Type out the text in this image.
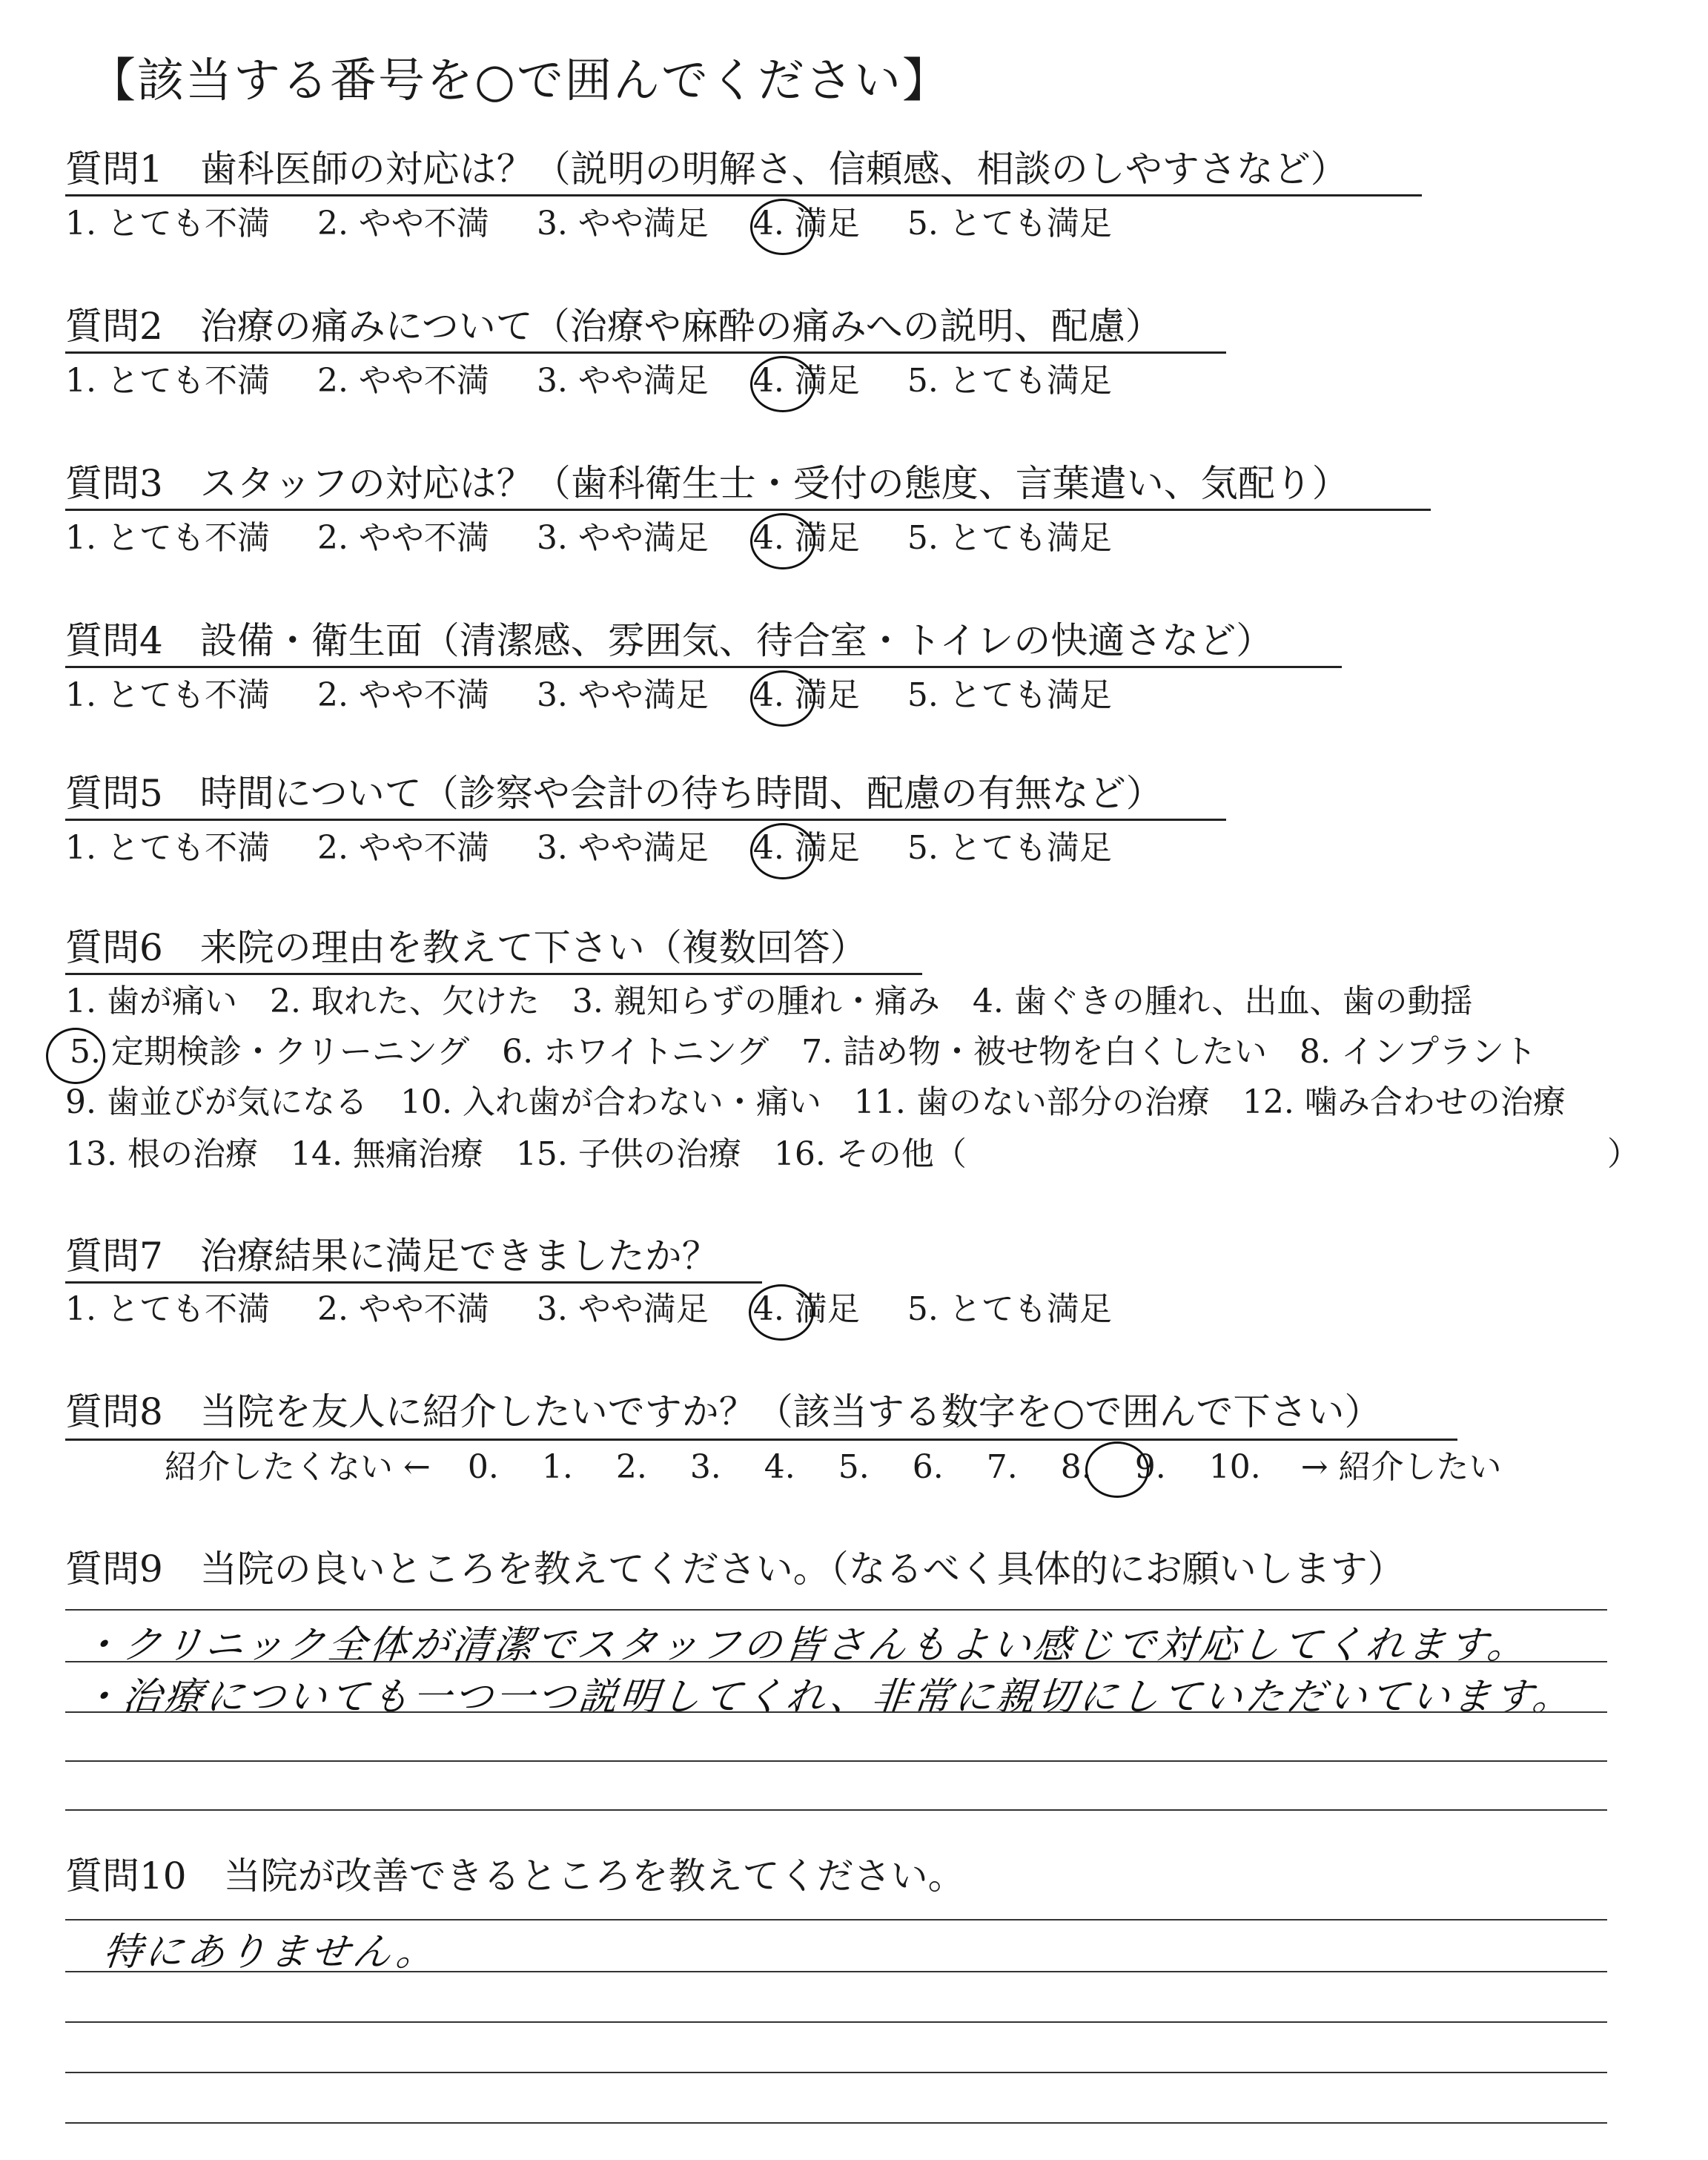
【該当する番号を○で囲んでください】
質問1　歯科医師の対応は？（説明の明解さ、信頼感、相談のしやすさなど）
1. とても不満 2. やや不満 3. やや満足 4. 満足 5. とても満足
質問2　治療の痛みについて（治療や麻酔の痛みへの説明、配慮）
1. とても不満 2. やや不満 3. やや満足 4. 満足 5. とても満足
質問3　スタッフの対応は？（歯科衛生士・受付の態度、言葉遣い、気配り）
1. とても不満 2. やや不満 3. やや満足 4. 満足 5. とても満足
質問4　設備・衛生面（清潔感、雰囲気、待合室・トイレの快適さなど）
1. とても不満 2. やや不満 3. やや満足 4. 満足 5. とても満足
質問5　時間について（診察や会計の待ち時間、配慮の有無など）
1. とても不満 2. やや不満 3. やや満足 4. 満足 5. とても満足
質問6　来院の理由を教えて下さい（複数回答）
1. 歯が痛い　2. 取れた、欠けた　3. 親知らずの腫れ・痛み　4. 歯ぐきの腫れ、出血、歯の動揺
5. 定期検診・クリーニング　6. ホワイトニング　7. 詰め物・被せ物を白くしたい　8. インプラント
9. 歯並びが気になる　10. 入れ歯が合わない・痛い　11. 歯のない部分の治療　12. 噛み合わせの治療
13. 根の治療　14. 無痛治療　15. 子供の治療　16. その他（	）
質問7　治療結果に満足できましたか？
1. とても不満 2. やや不満 3. やや満足 4. 満足 5. とても満足
質問8　当院を友人に紹介したいですか？（該当する数字を○で囲んで下さい）
紹介したくない ← 0. 1. 2. 3. 4. 5. 6. 7. 8. 9. 10. → 紹介したい
質問9　当院の良いところを教えてください。（なるべく具体的にお願いします）
・クリニック全体が清潔でスタッフの皆さんもよい感じで対応してくれます。
・治療についても一つ一つ説明してくれ、非常に親切にしていただいています。
質問10　当院が改善できるところを教えてください。
特にありません。
